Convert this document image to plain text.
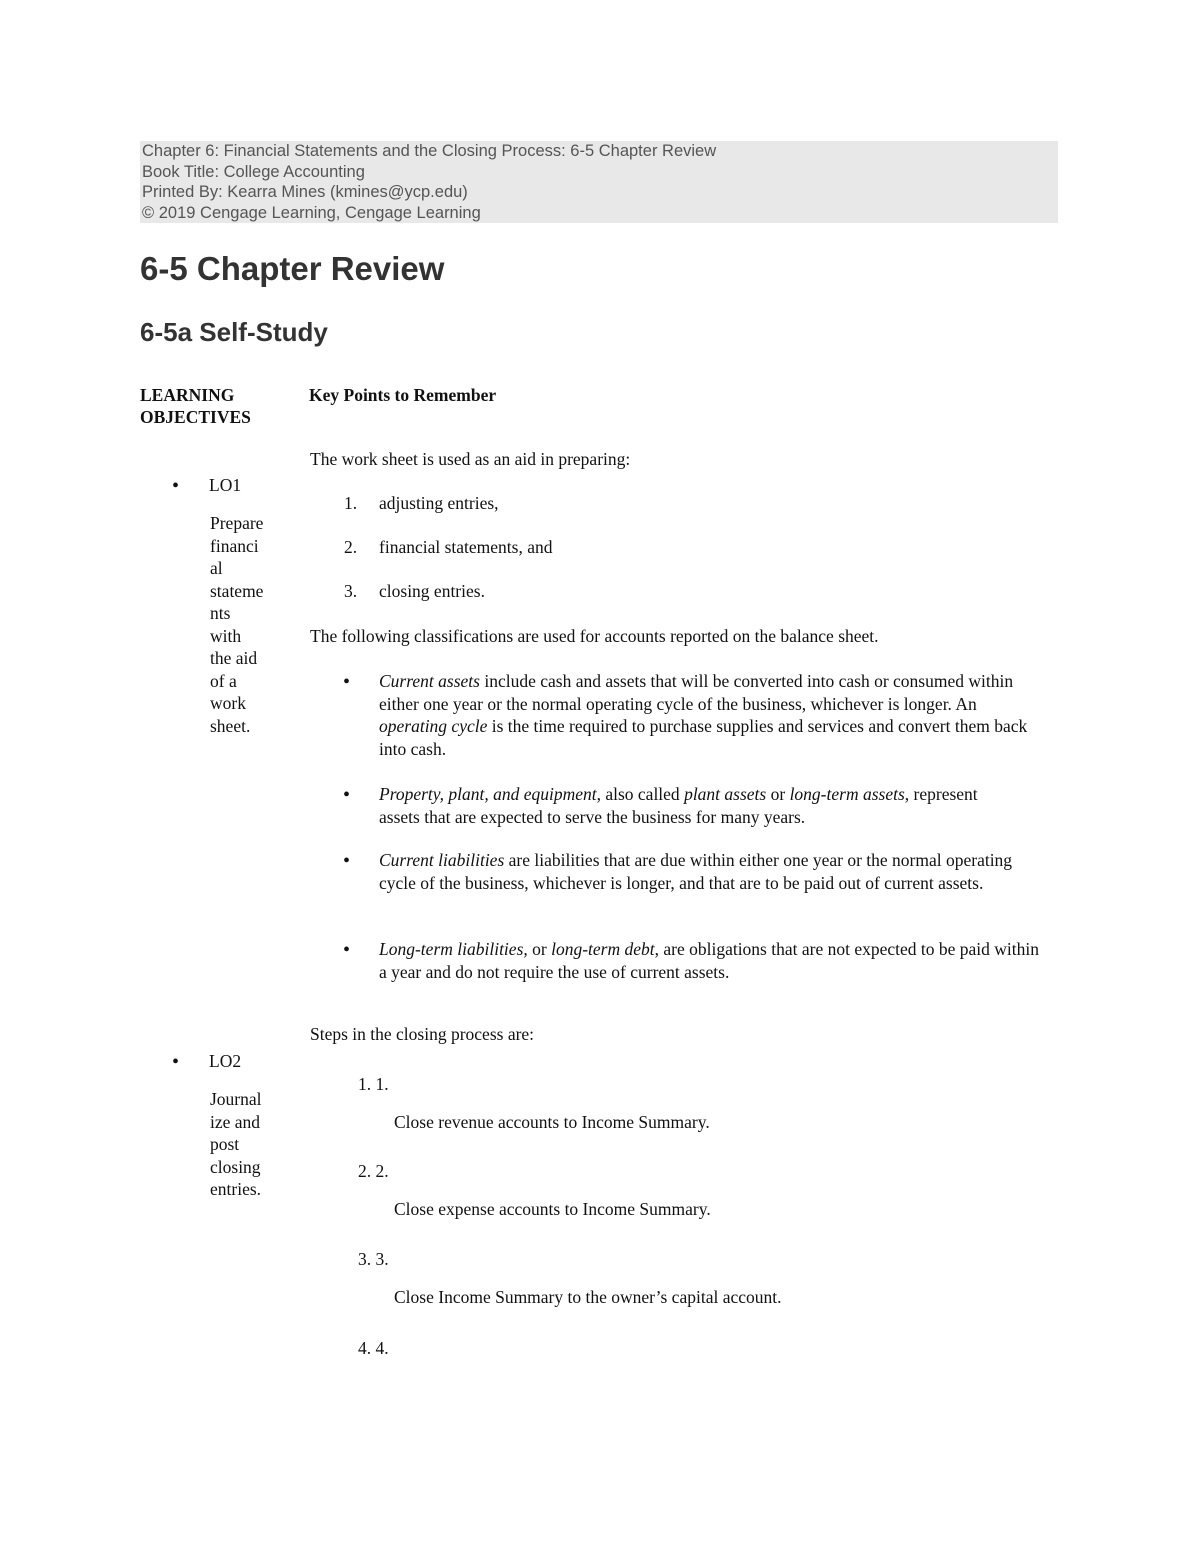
Chapter 6: Financial Statements and the Closing Process: 6-5 Chapter Review
Book Title: College Accounting
Printed By: Kearra Mines (kmines@ycp.edu)
© 2019 Cengage Learning, Cengage Learning
6-5 Chapter Review
6-5a Self-Study
LEARNING
OBJECTIVES
Key Points to Remember
• LO1
Prepare
financi
al
stateme
nts
with
the aid
of a
work
sheet.
• LO2
Journal
ize and
post
closing
entries.
The work sheet is used as an aid in preparing:
1. adjusting entries,
2. financial statements, and
3. closing entries.
The following classifications are used for accounts reported on the balance sheet.
• Current assets include cash and assets that will be converted into cash or consumed within either one year or the normal operating cycle of the business, whichever is longer. An operating cycle is the time required to purchase supplies and services and convert them back into cash.
• Property, plant, and equipment, also called plant assets or long-term assets, represent assets that are expected to serve the business for many years.
• Current liabilities are liabilities that are due within either one year or the normal operating cycle of the business, whichever is longer, and that are to be paid out of current assets.
• Long-term liabilities, or long-term debt, are obligations that are not expected to be paid within a year and do not require the use of current assets.
Steps in the closing process are:
1. 1.
Close revenue accounts to Income Summary.
2. 2.
Close expense accounts to Income Summary.
3. 3.
Close Income Summary to the owner’s capital account.
4. 4.
